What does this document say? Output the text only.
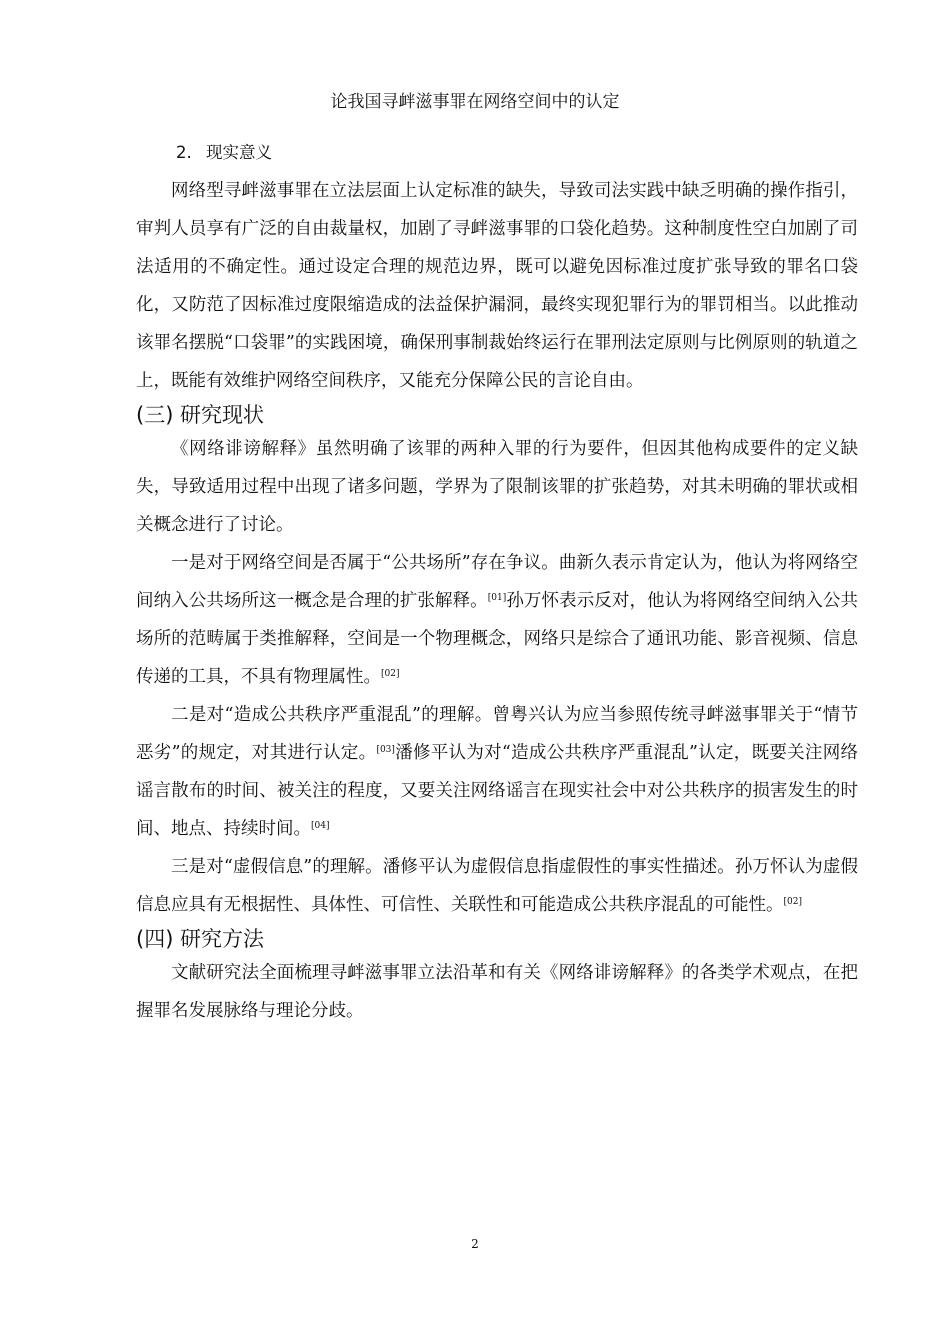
论我国寻衅滋事罪在网络空间中的认定
2. 现实意义

网络型寻衅滋事罪在立法层面上认定标准的缺失，导致司法实践中缺乏明确的操作指引，审判人员享有广泛的自由裁量权，加剧了寻衅滋事罪的口袋化趋势。这种制度性空白加剧了司法适用的不确定性。通过设定合理的规范边界，既可以避免因标准过度扩张导致的罪名口袋化，又防范了因标准过度限缩造成的法益保护漏洞，最终实现犯罪行为的罪罚相当。以此推动该罪名摆脱“口袋罪”的实践困境，确保刑事制裁始终运行在罪刑法定原则与比例原则的轨道之上，既能有效维护网络空间秩序，又能充分保障公民的言论自由。

(三) 研究现状

《网络诽谤解释》虽然明确了该罪的两种入罪的行为要件，但因其他构成要件的定义缺失，导致适用过程中出现了诸多问题，学界为了限制该罪的扩张趋势，对其未明确的罪状或相关概念进行了讨论。

一是对于网络空间是否属于“公共场所”存在争议。曲新久表示肯定认为，他认为将网络空间纳入公共场所这一概念是合理的扩张解释。[01]孙万怀表示反对，他认为将网络空间纳入公共场所的范畴属于类推解释，空间是一个物理概念，网络只是综合了通讯功能、影音视频、信息传递的工具，不具有物理属性。[02]

二是对“造成公共秩序严重混乱”的理解。曾粤兴认为应当参照传统寻衅滋事罪关于“情节恶劣”的规定，对其进行认定。[03]潘修平认为对“造成公共秩序严重混乱”认定，既要关注网络谣言散布的时间、被关注的程度，又要关注网络谣言在现实社会中对公共秩序的损害发生的时间、地点、持续时间。[04]

三是对“虚假信息”的理解。潘修平认为虚假信息指虚假性的事实性描述。孙万怀认为虚假信息应具有无根据性、具体性、可信性、关联性和可能造成公共秩序混乱的可能性。[02]

(四) 研究方法

文献研究法全面梳理寻衅滋事罪立法沿革和有关《网络诽谤解释》的各类学术观点，在把握罪名发展脉络与理论分歧。

2
